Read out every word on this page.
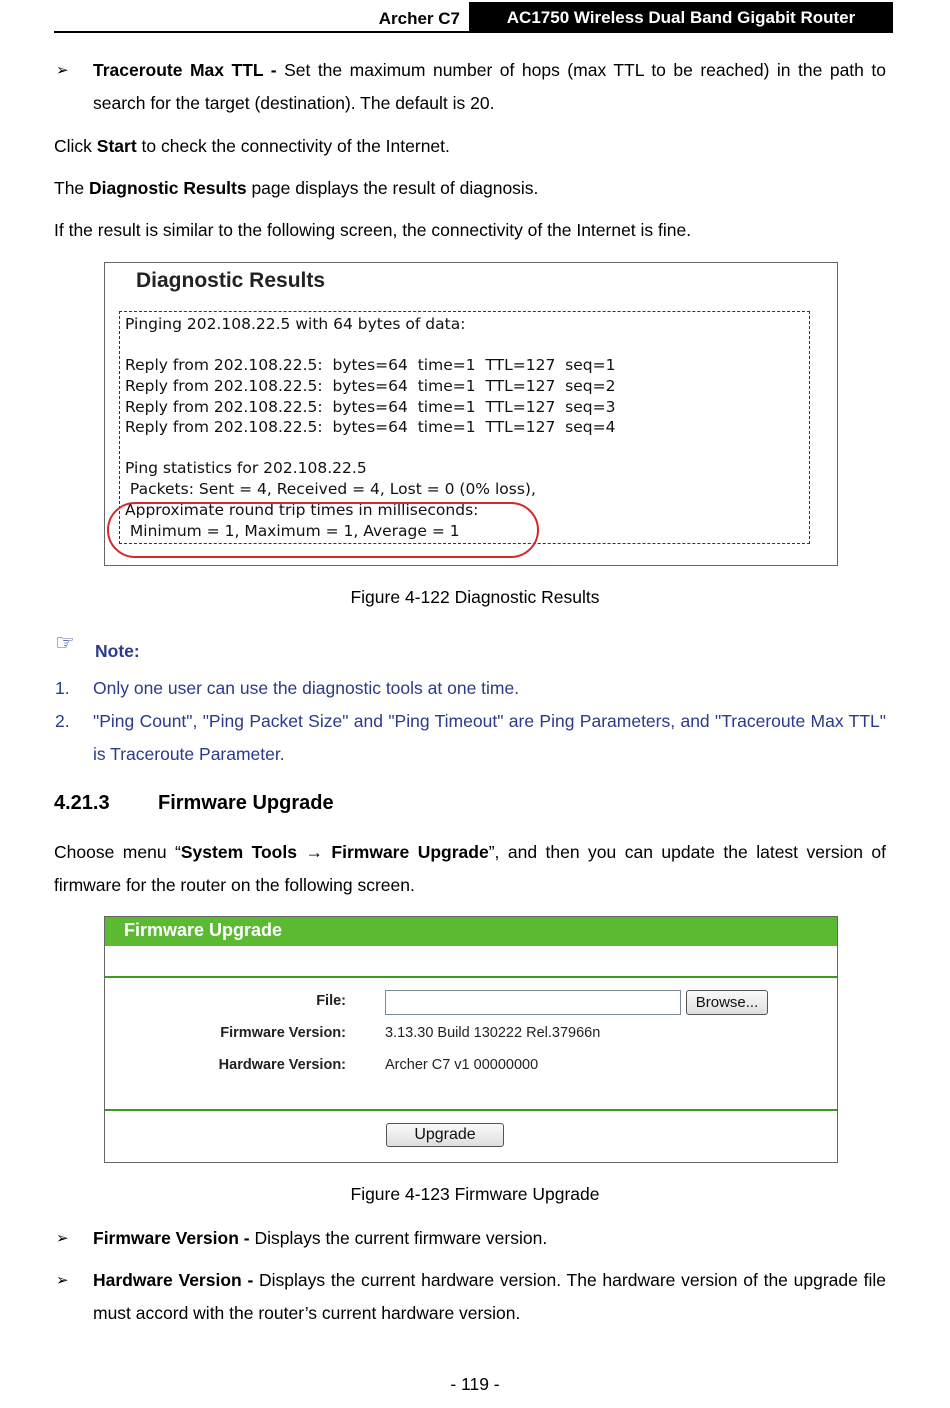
Archer C7	AC1750 Wireless Dual Band Gigabit Router
➢ Traceroute Max TTL - Set the maximum number of hops (max TTL to be reached) in the path to search for the target (destination). The default is 20.
Click Start to check the connectivity of the Internet.
The Diagnostic Results page displays the result of diagnosis.
If the result is similar to the following screen, the connectivity of the Internet is fine.
Diagnostic Results
Pinging 202.108.22.5 with 64 bytes of data:
Reply from 202.108.22.5:  bytes=64  time=1  TTL=127  seq=1
Reply from 202.108.22.5:  bytes=64  time=1  TTL=127  seq=2
Reply from 202.108.22.5:  bytes=64  time=1  TTL=127  seq=3
Reply from 202.108.22.5:  bytes=64  time=1  TTL=127  seq=4
Ping statistics for 202.108.22.5
Packets: Sent = 4, Received = 4, Lost = 0 (0% loss),
Approximate round trip times in milliseconds:
Minimum = 1, Maximum = 1, Average = 1
Figure 4-122 Diagnostic Results
☞ Note:
1. Only one user can use the diagnostic tools at one time.
2. "Ping Count", "Ping Packet Size" and "Ping Timeout" are Ping Parameters, and "Traceroute Max TTL" is Traceroute Parameter.
4.21.3 Firmware Upgrade
Choose menu “System Tools → Firmware Upgrade”, and then you can update the latest version of firmware for the router on the following screen.
Firmware Upgrade
File:	Browse...
Firmware Version:	3.13.30 Build 130222 Rel.37966n
Hardware Version:	Archer C7 v1 00000000
Upgrade
Figure 4-123 Firmware Upgrade
➢ Firmware Version - Displays the current firmware version.
➢ Hardware Version - Displays the current hardware version. The hardware version of the upgrade file must accord with the router’s current hardware version.
- 119 -
